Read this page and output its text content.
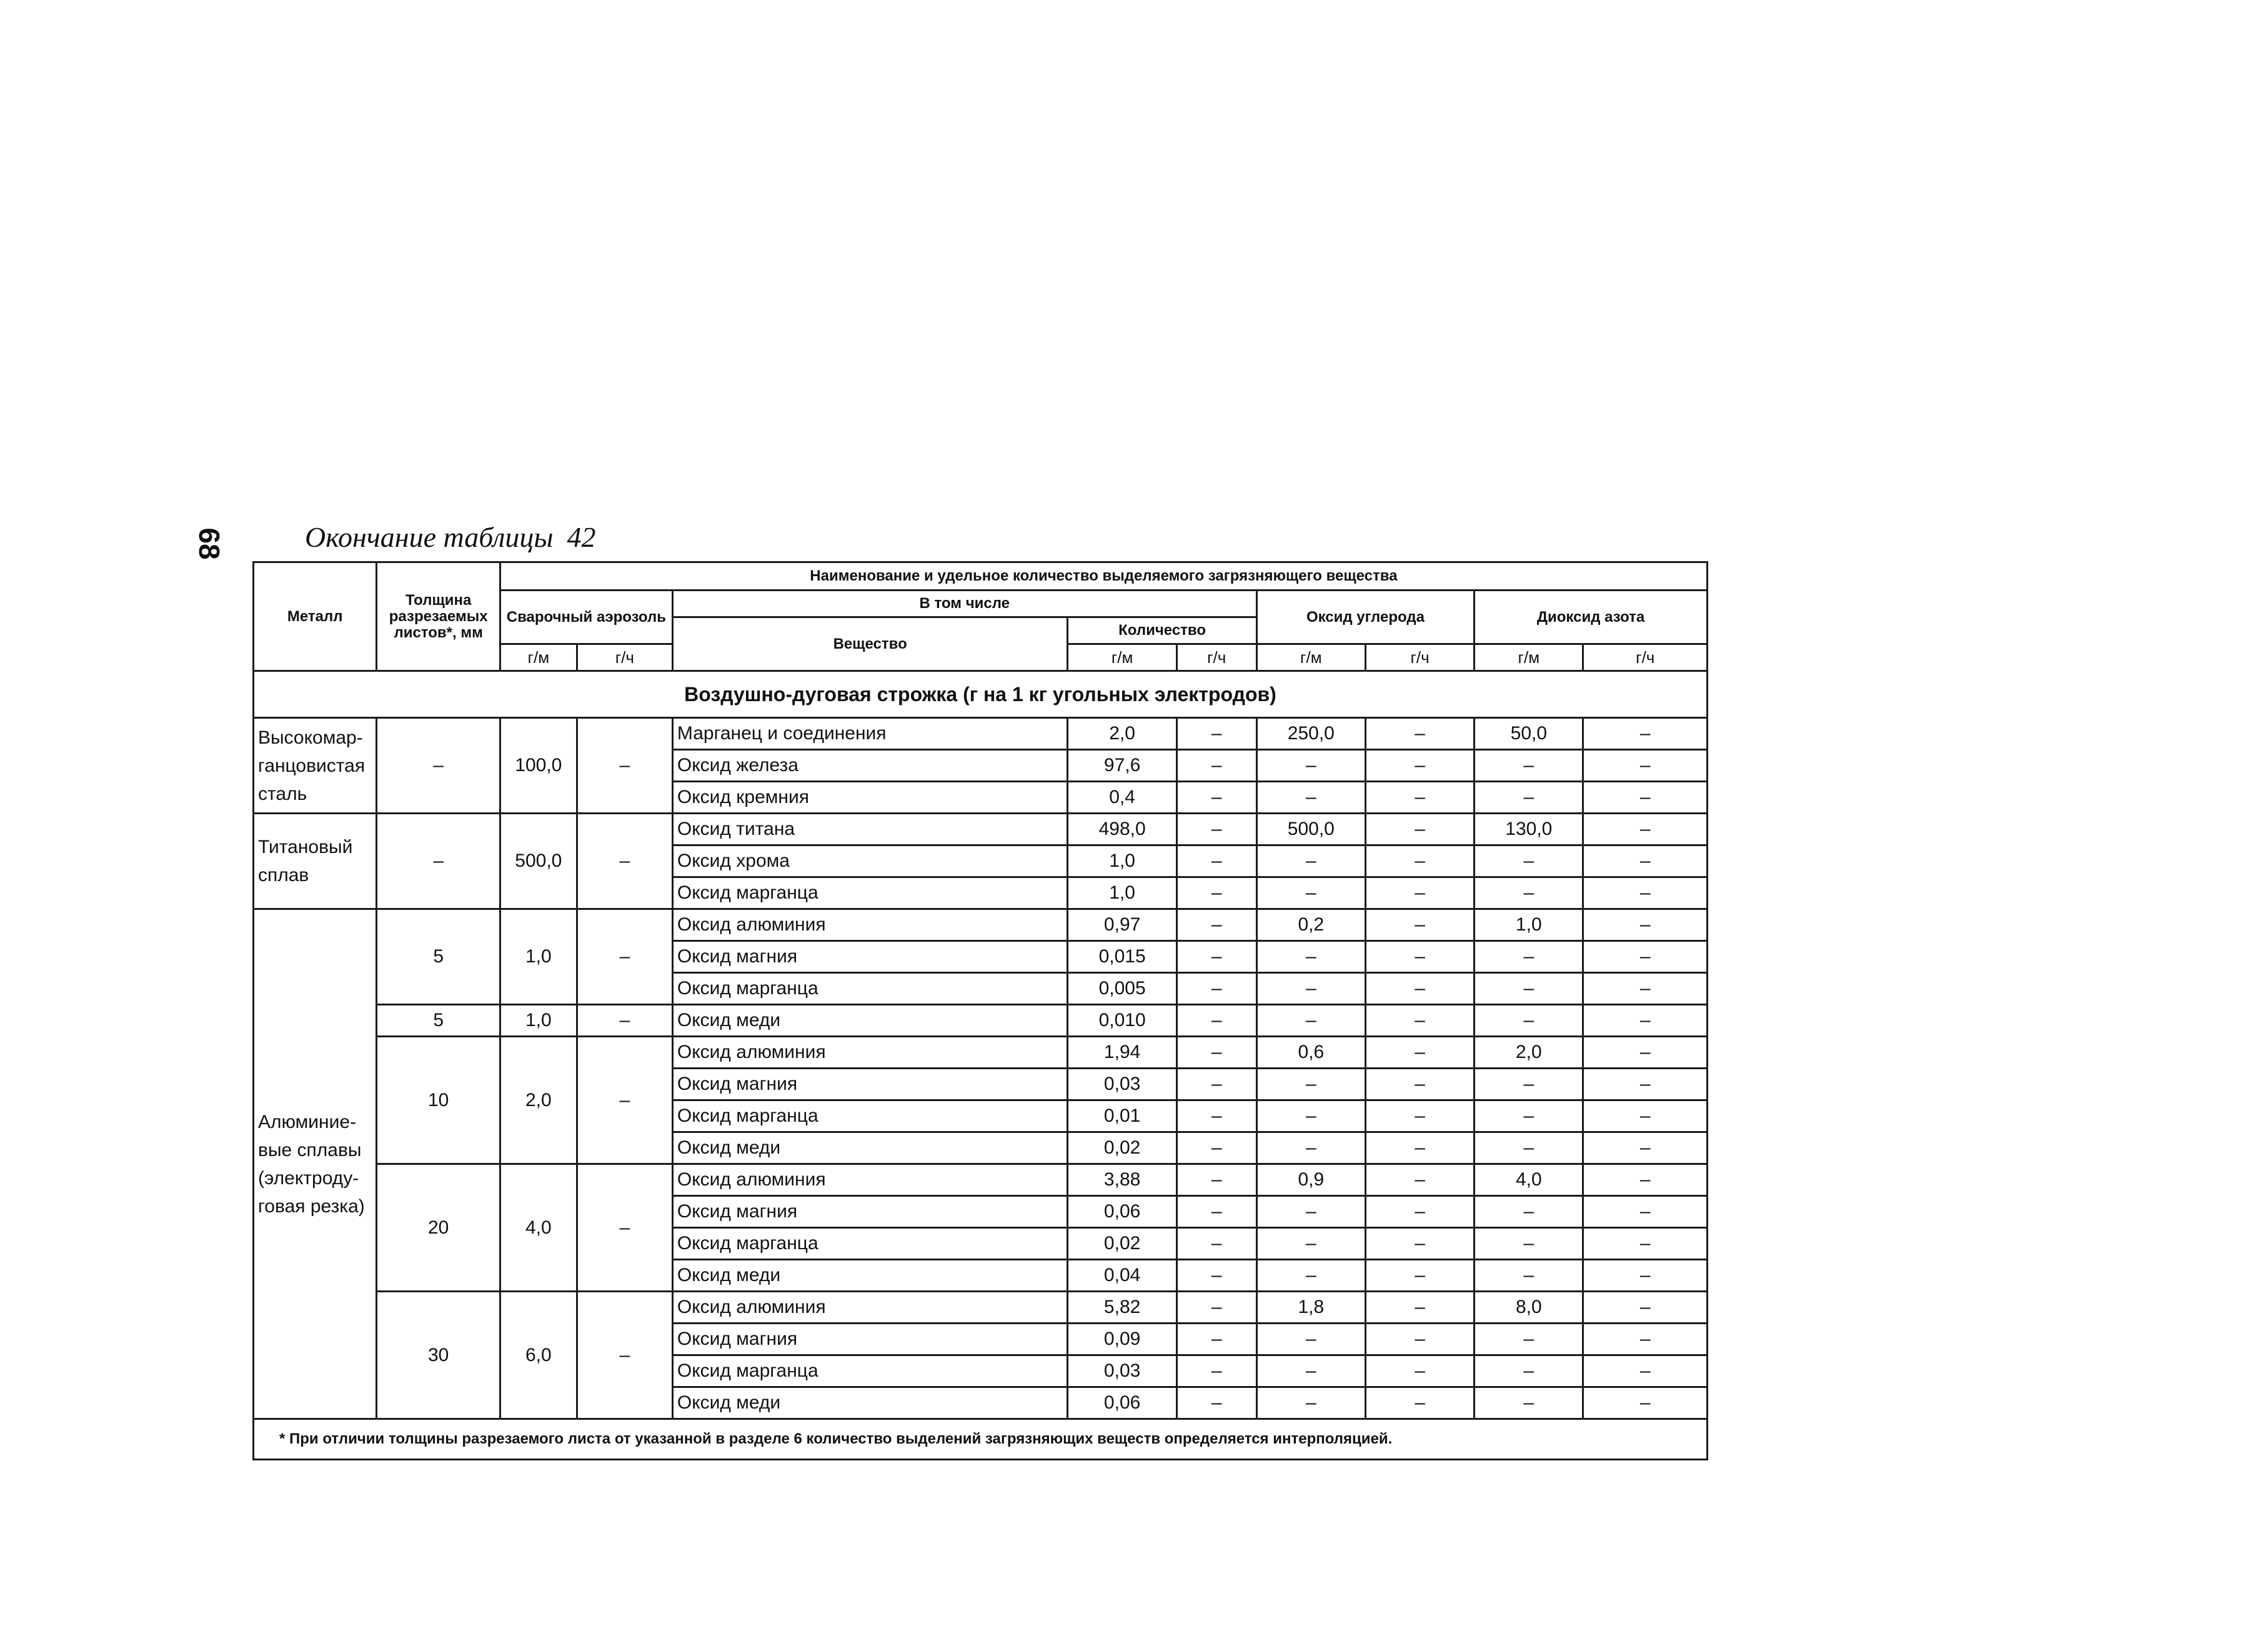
68	Окончание таблицы 42
Металл	Толщина разрезаемых листов*, мм	Наименование и удельное количество выделяемого загрязняющего вещества								
		Сварочный аэрозоль		В том числе			Оксид углерода		Диоксид азота	
				Вещество	Количество					
		г/м	г/ч		г/м	г/ч	г/м	г/ч	г/м	г/ч
Воздушно-дуговая строжка (г на 1 кг угольных электродов)										
Высокомар-ганцовистая сталь	–	100,0	–	Марганец и соединения	2,0	–	250,0	–	50,0	–
				Оксид железа	97,6	–	–	–	–	–
				Оксид кремния	0,4	–	–	–	–	–
Титановый сплав	–	500,0	–	Оксид титана	498,0	–	500,0	–	130,0	–
				Оксид хрома	1,0	–	–	–	–	–
				Оксид марганца	1,0	–	–	–	–	–
Алюминие-вые сплавы (электроду-говая резка)	5	1,0	–	Оксид алюминия	0,97	–	0,2	–	1,0	–
				Оксид магния	0,015	–	–	–	–	–
				Оксид марганца	0,005	–	–	–	–	–
	5	1,0	–	Оксид меди	0,010	–	–	–	–	–
	10	2,0	–	Оксид алюминия	1,94	–	0,6	–	2,0	–
				Оксид магния	0,03	–	–	–	–	–
				Оксид марганца	0,01	–	–	–	–	–
				Оксид меди	0,02	–	–	–	–	–
	20	4,0	–	Оксид алюминия	3,88	–	0,9	–	4,0	–
				Оксид магния	0,06	–	–	–	–	–
				Оксид марганца	0,02	–	–	–	–	–
				Оксид меди	0,04	–	–	–	–	–
	30	6,0	–	Оксид алюминия	5,82	–	1,8	–	8,0	–
				Оксид магния	0,09	–	–	–	–	–
				Оксид марганца	0,03	–	–	–	–	–
				Оксид меди	0,06	–	–	–	–	–
* При отличии толщины разрезаемого листа от указанной в разделе 6 количество выделений загрязняющих веществ определяется интерполяцией.										
